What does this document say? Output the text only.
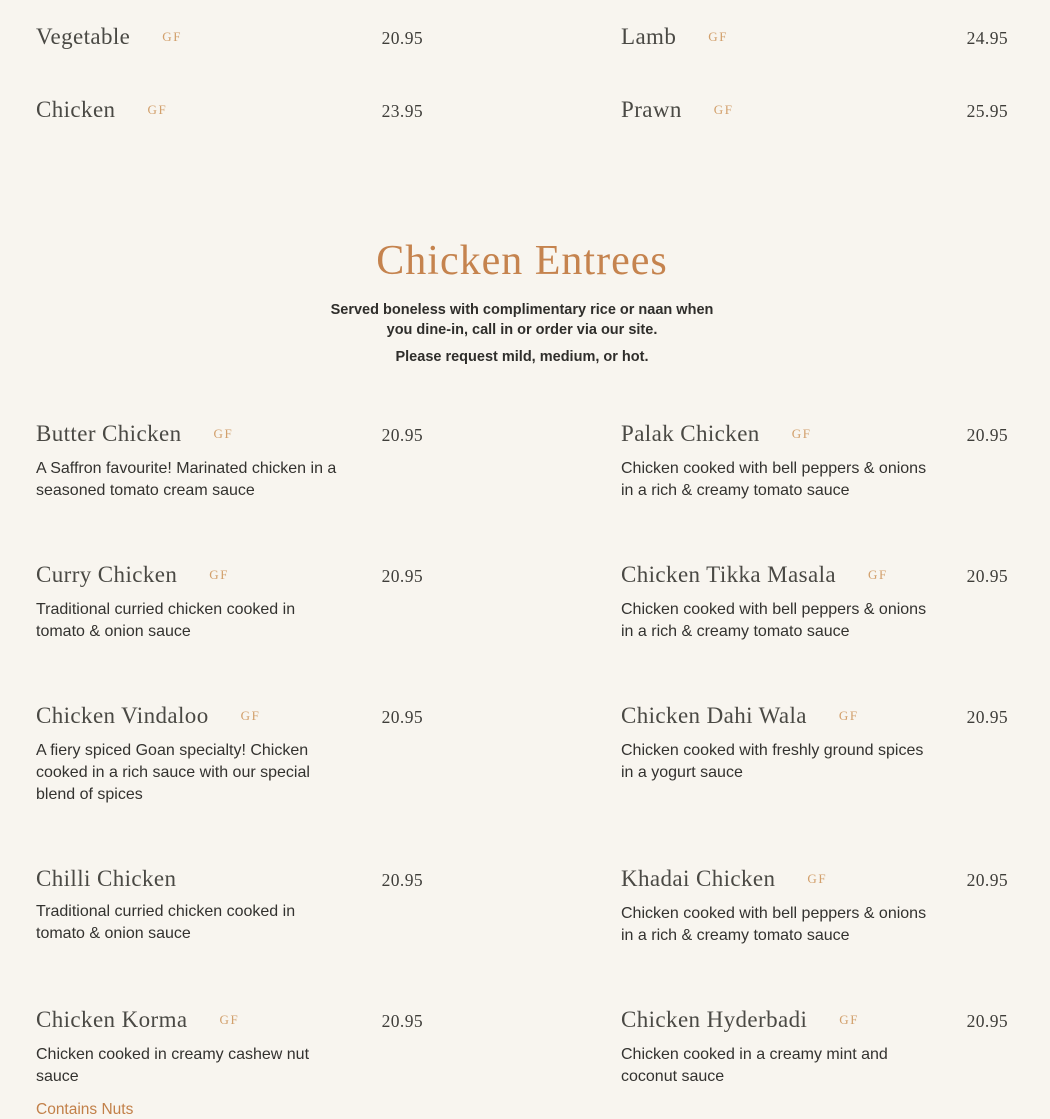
Vegetable GF	20.95	Lamb GF	24.95
Chicken GF	23.95	Prawn GF	25.95
Chicken Entrees

Served boneless with complimentary rice or naan when you dine-in, call in or order via our site.

Please request mild, medium, or hot.

Butter Chicken GF	20.95
A Saffron favourite! Marinated chicken in a seasoned tomato cream sauce
Palak Chicken GF	20.95
Chicken cooked with bell peppers & onions in a rich & creamy tomato sauce
Curry Chicken GF	20.95
Traditional curried chicken cooked in tomato & onion sauce
Chicken Tikka Masala GF	20.95
Chicken cooked with bell peppers & onions in a rich & creamy tomato sauce
Chicken Vindaloo GF	20.95
A fiery spiced Goan specialty! Chicken cooked in a rich sauce with our special blend of spices
Chicken Dahi Wala GF	20.95
Chicken cooked with freshly ground spices in a yogurt sauce
Chilli Chicken	20.95
Traditional curried chicken cooked in tomato & onion sauce
Khadai Chicken GF	20.95
Chicken cooked with bell peppers & onions in a rich & creamy tomato sauce
Chicken Korma GF	20.95
Chicken cooked in creamy cashew nut sauce
Contains Nuts
Chicken Hyderbadi GF	20.95
Chicken cooked in a creamy mint and coconut sauce
